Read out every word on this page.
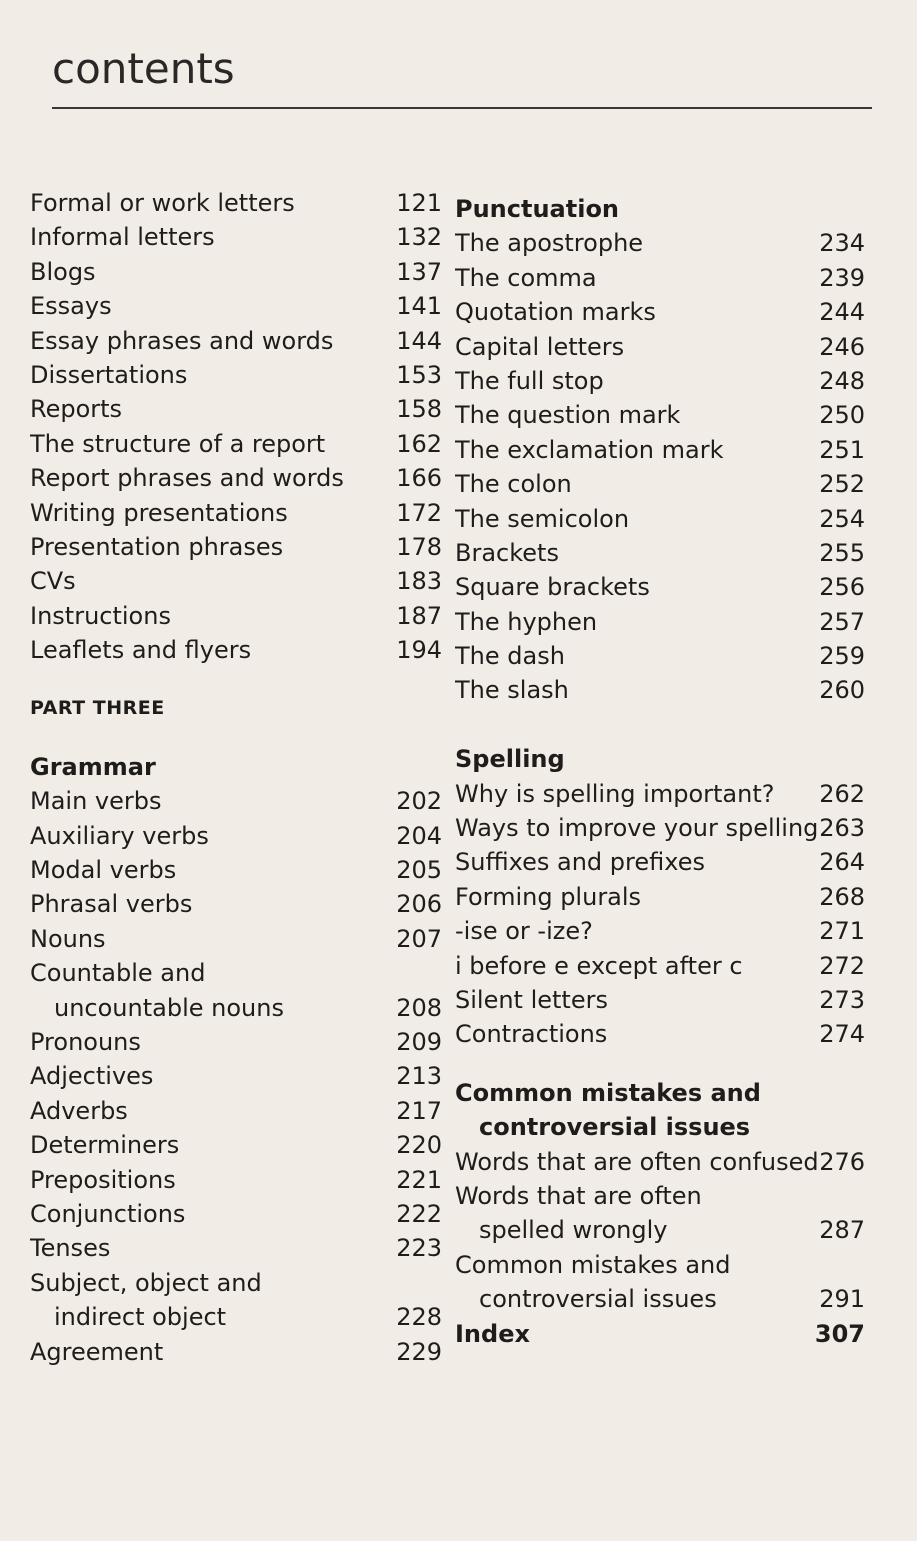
contents
Formal or work letters	121
Informal letters	132
Blogs	137
Essays	141
Essay phrases and words	144
Dissertations	153
Reports	158
The structure of a report	162
Report phrases and words 166
Writing presentations	172
Presentation phrases	178
CVs	183
Instructions	187
Leaflets and flyers	194
PART THREE
Grammar
Main verbs	202
Auxiliary verbs	204
Modal verbs	205
Phrasal verbs	206
Nouns	207
Countable and
uncountable nouns	208
Pronouns	209
Adjectives	213
Adverbs	217
Determiners	220
Prepositions	221
Conjunctions	222
Tenses	223
Subject, object and
indirect object	228
Agreement	229
Punctuation
The apostrophe	234
The comma	239
Quotation marks	244
Capital letters	246
The full stop	248
The question mark	250
The exclamation mark	251
The colon	252
The semicolon	254
Brackets	255
Square brackets	256
The hyphen	257
The dash	259
The slash	260
Spelling
Why is spelling important? 262
Ways to improve your spelling 263
Suffixes and prefixes	264
Forming plurals	268
-ise or -ize?	271
i before e except after c	272
Silent letters	273
Contractions	274
Common mistakes and
controversial issues
Words that are often confused 276
Words that are often
spelled wrongly	287
Common mistakes and
controversial issues	291
Index	307
